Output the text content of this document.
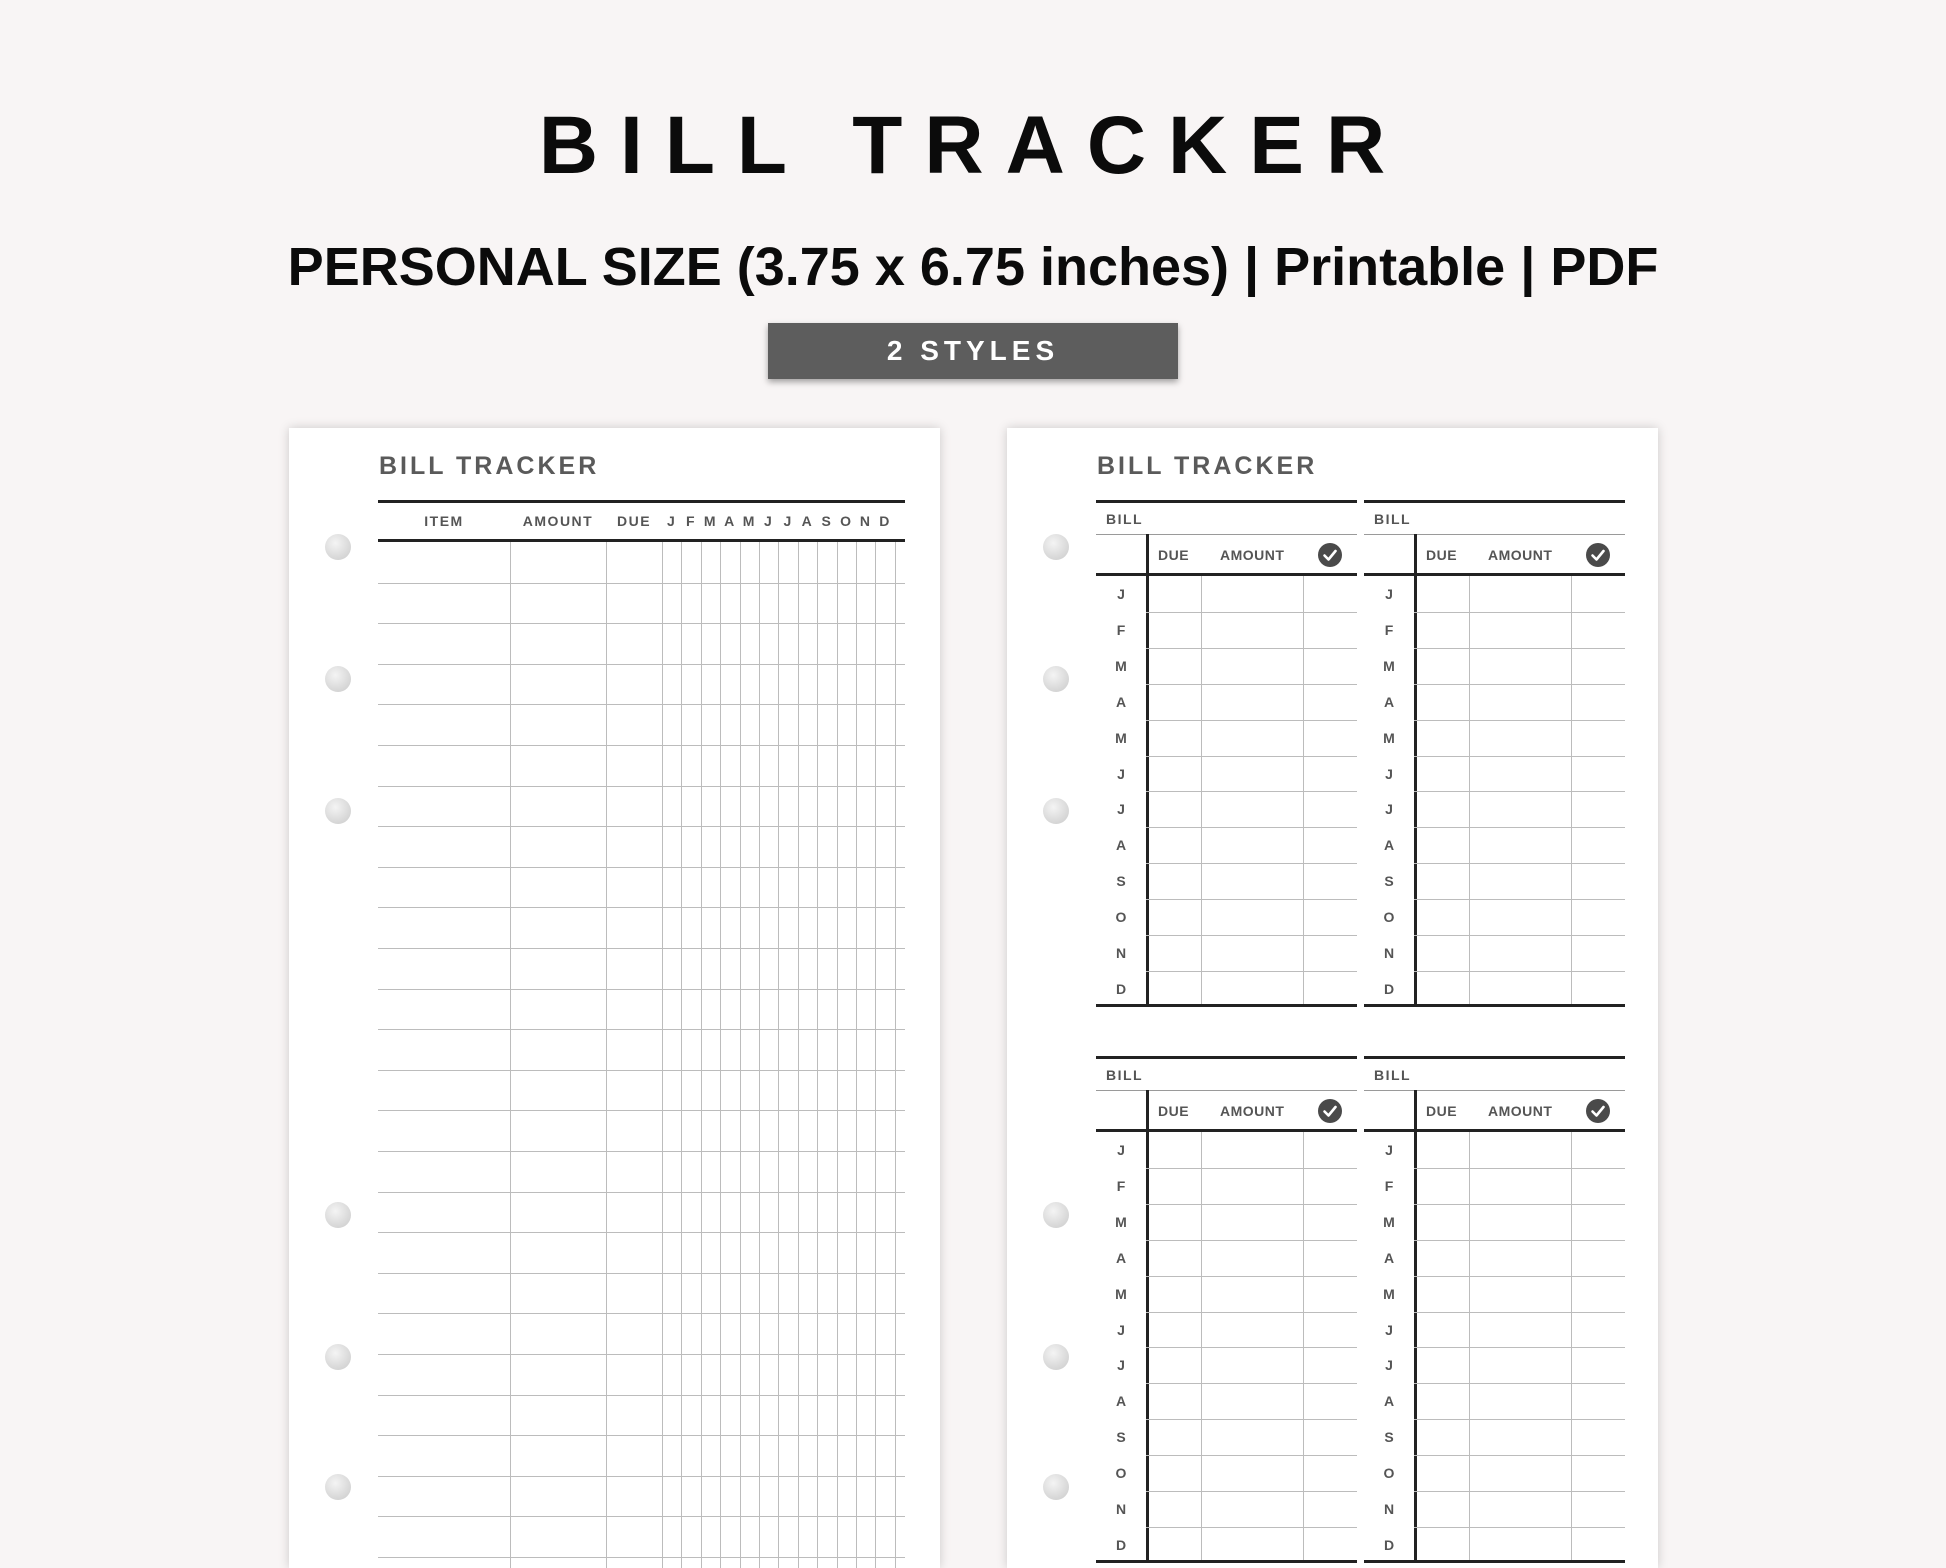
BILL TRACKER
PERSONAL SIZE (3.75 x 6.75 inches) | Printable | PDF
2 STYLES
BILL TRACKER
ITEM	AMOUNT	DUE	J F M A M J J A S O N D
BILL TRACKER
BILL
DUE AMOUNT
J
F
M
A
M
J
J
A
S
O
N
D
BILL
DUE AMOUNT
J
F
M
A
M
J
J
A
S
O
N
D
BILL
DUE AMOUNT
J
F
M
A
M
J
J
A
S
O
N
D
BILL
DUE AMOUNT
J
F
M
A
M
J
J
A
S
O
N
D
